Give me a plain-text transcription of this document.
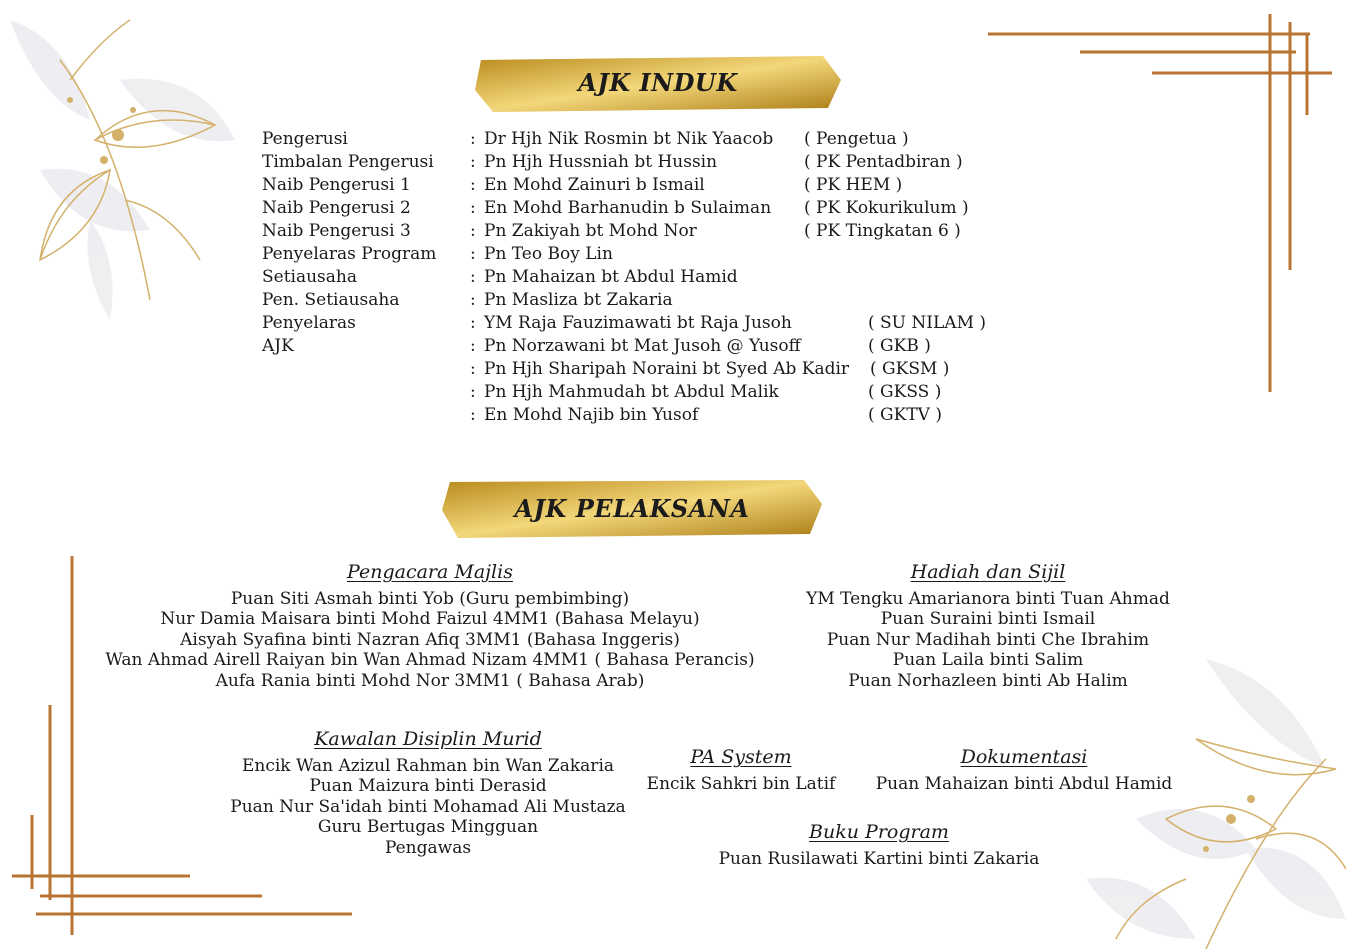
AJK INDUK
Pengerusi	: Dr Hjh Nik Rosmin bt Nik Yaacob	( Pengetua )
Timbalan Pengerusi	: Pn Hjh Hussniah bt Hussin	( PK Pentadbiran )
Naib Pengerusi 1	: En Mohd Zainuri b Ismail	( PK HEM )
Naib Pengerusi 2	: En Mohd Barhanudin b Sulaiman	( PK Kokurikulum )
Naib Pengerusi 3	: Pn Zakiyah bt Mohd Nor	( PK Tingkatan 6 )
Penyelaras Program	: Pn Teo Boy Lin
Setiausaha	: Pn Mahaizan bt Abdul Hamid
Pen. Setiausaha	: Pn Masliza bt Zakaria
Penyelaras	: YM Raja Fauzimawati bt Raja Jusoh	( SU NILAM )
AJK	: Pn Norzawani bt Mat Jusoh @ Yusoff	( GKB )
: Pn Hjh Sharipah Noraini bt Syed Ab Kadir	( GKSM )
: Pn Hjh Mahmudah bt Abdul Malik	( GKSS )
: En Mohd Najib bin Yusof	( GKTV )
AJK PELAKSANA
Pengacara Majlis
Puan Siti Asmah binti Yob (Guru pembimbing)
Nur Damia Maisara binti Mohd Faizul 4MM1 (Bahasa Melayu)
Aisyah Syafina binti Nazran Afiq 3MM1 (Bahasa Inggeris)
Wan Ahmad Airell Raiyan bin Wan Ahmad Nizam 4MM1 ( Bahasa Perancis)
Aufa Rania binti Mohd Nor 3MM1 ( Bahasa Arab)
Hadiah dan Sijil
YM Tengku Amarianora binti Tuan Ahmad
Puan Suraini binti Ismail
Puan Nur Madihah binti Che Ibrahim
Puan Laila binti Salim
Puan Norhazleen binti Ab Halim
Kawalan Disiplin Murid
Encik Wan Azizul Rahman bin Wan Zakaria
Puan Maizura binti Derasid
Puan Nur Sa'idah binti Mohamad Ali Mustaza
Guru Bertugas Mingguan
Pengawas
PA System
Encik Sahkri bin Latif
Dokumentasi
Puan Mahaizan binti Abdul Hamid
Buku Program
Puan Rusilawati Kartini binti Zakaria
